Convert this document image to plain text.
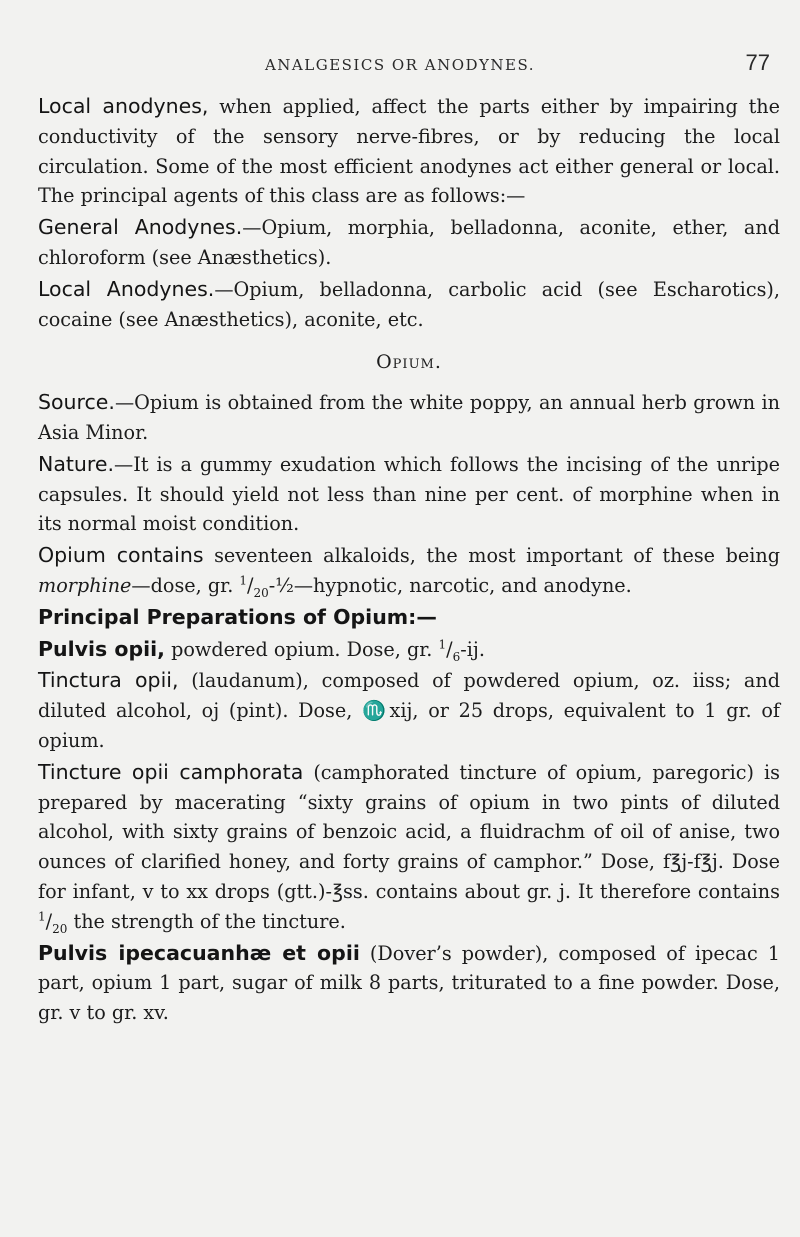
ANALGESICS OR ANODYNES.	77

Local anodynes, when applied, affect the parts either by impairing the conductivity of the sensory nerve-fibres, or by reducing the local circulation. Some of the most efficient anodynes act either general or local. The principal agents of this class are as follows:—

General Anodynes.—Opium, morphia, belladonna, aconite, ether, and chloroform (see Anæsthetics).

Local Anodynes.—Opium, belladonna, carbolic acid (see Escharotics), cocaine (see Anæsthetics), aconite, etc.

Opium.

Source.—Opium is obtained from the white poppy, an annual herb grown in Asia Minor.

Nature.—It is a gummy exudation which follows the incising of the unripe capsules. It should yield not less than nine per cent. of morphine when in its normal moist condition.

Opium contains seventeen alkaloids, the most important of these being morphine—dose, gr. $^1/_{20}-\frac{1}{2}—hypnotic$, narcotic, and anodyne.

Principal Preparations of Opium:—

Pulvis opii, powdered opium. Dose, gr. $^1/_6-ij$.

Tinctura opii, (laudanum), composed of powdered opium, oz. iiss; and diluted alcohol, oj (pint). Dose, ♏xij, or 25 drops, equivalent to 1 gr. of opium.

Tincture opii camphorata (camphorated tincture of opium, paregoric) is prepared by macerating “sixty grains of opium in two pints of diluted alcohol, with sixty grains of benzoic acid, a fluidrachm of oil of anise, two ounces of clarified honey, and forty grains of camphor.” Dose, f℥j-f℥j. Dose for infant, v to xx drops (gtt.)-℥ss. contains about gr. j. It therefore contains $^1/_{20}$ the strength of the tincture.

Pulvis ipecacuanhæ et opii (Dover’s powder), composed of ipecac 1 part, opium 1 part, sugar of milk 8 parts, triturated to a fine powder. Dose, gr. v to gr. xv.
